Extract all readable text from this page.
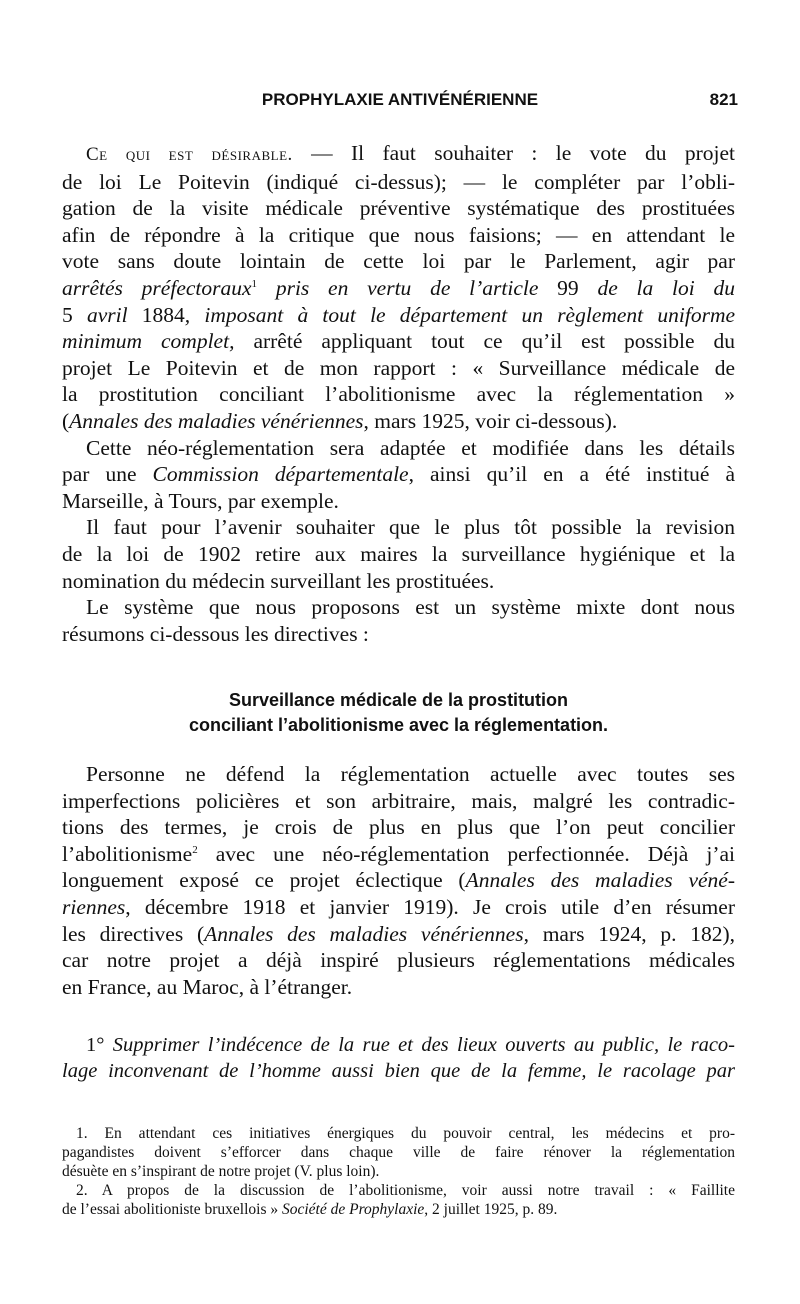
PROPHYLAXIE ANTIVÉNÉRIENNE	821
Ce qui est désirable. — Il faut souhaiter : le vote du projet
de loi Le Poitevin (indiqué ci-dessus); — le compléter par l’obli-
gation de la visite médicale préventive systématique des prostituées
afin de répondre à la critique que nous faisions; — en attendant le
vote sans doute lointain de cette loi par le Parlement, agir par
arrêtés préfectoraux$^1$ pris en vertu de l’article 99 de la loi du
5 avril 1884, imposant à tout le département un règlement uniforme
minimum complet, arrêté appliquant tout ce qu’il est possible du
projet Le Poitevin et de mon rapport : « Surveillance médicale de
la prostitution conciliant l’abolitionisme avec la réglementation »
(Annales des maladies vénériennes, mars 1925, voir ci-dessous).
Cette néo-réglementation sera adaptée et modifiée dans les détails
par une Commission départementale, ainsi qu’il en a été institué à
Marseille, à Tours, par exemple.
Il faut pour l’avenir souhaiter que le plus tôt possible la revision
de la loi de 1902 retire aux maires la surveillance hygiénique et la
nomination du médecin surveillant les prostituées.
Le système que nous proposons est un système mixte dont nous
résumons ci-dessous les directives :
Surveillance médicale de la prostitution
conciliant l’abolitionisme avec la réglementation.
Personne ne défend la réglementation actuelle avec toutes ses
imperfections policières et son arbitraire, mais, malgré les contradic-
tions des termes, je crois de plus en plus que l’on peut concilier
l’abolitionisme$^2$ avec une néo-réglementation perfectionnée. Déjà j’ai
longuement exposé ce projet éclectique (Annales des maladies véné-
riennes, décembre 1918 et janvier 1919). Je crois utile d’en résumer
les directives (Annales des maladies vénériennes, mars 1924, p. 182),
car notre projet a déjà inspiré plusieurs réglementations médicales
en France, au Maroc, à l’étranger.
1° Supprimer l’indécence de la rue et des lieux ouverts au public, le raco-
lage inconvenant de l’homme aussi bien que de la femme, le racolage par
1. En attendant ces initiatives énergiques du pouvoir central, les médecins et pro-
pagandistes doivent s’efforcer dans chaque ville de faire rénover la réglementation
désuète en s’inspirant de notre projet (V. plus loin).
2. A propos de la discussion de l’abolitionisme, voir aussi notre travail : « Faillite
de l’essai abolitioniste bruxellois » Société de Prophylaxie, 2 juillet 1925, p. 89.
